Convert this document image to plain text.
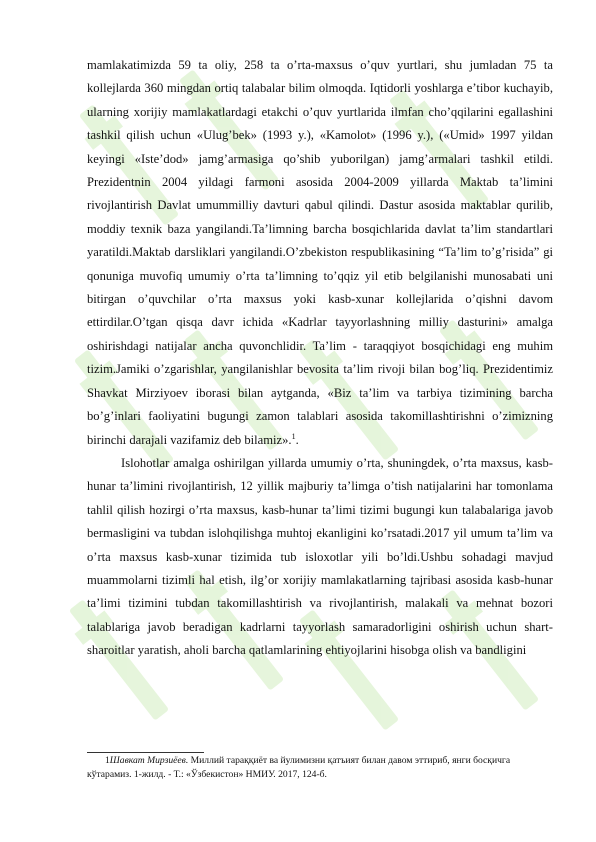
mamlakatimizda 59 ta oliy, 258 ta o’rta-maxsus o’quv yurtlari, shu jumladan 75 ta kollejlarda 360 mingdan ortiq talabalar bilim olmoqda. Iqtidorli yoshlarga e’tibor kuchayib, ularning xorijiy mamlakatlardagi etakchi o’quv yurtlarida ilmfan cho’qqilarini egallashini tashkil qilish uchun «Ulug’bek» (1993 y.), «Kamolot» (1996 y.), («Umid» 1997 yildan keyingi «Iste’dod» jamg’armasiga qo’shib yuborilgan) jamg’armalari tashkil etildi. Prezidentnin 2004 yildagi farmoni asosida 2004-2009 yillarda Maktab ta’limini rivojlantirish Davlat umummilliy davturi qabul qilindi. Dastur asosida maktablar qurilib, moddiy texnik baza yangilandi.Ta’limning barcha bosqichlarida davlat ta’lim standartlari yaratildi.Maktab darsliklari yangilandi.O’zbekiston respublikasining “Ta’lim to’g’risida” gi qonuniga muvofiq umumiy o’rta ta’limning to’qqiz yil etib belgilanishi munosabati uni bitirgan o’quvchilar o’rta maxsus yoki kasb-xunar kollejlarida o’qishni davom ettirdilar.O’tgan qisqa davr ichida «Kadrlar tayyorlashning milliy dasturini» amalga oshirishdagi natijalar ancha quvonchlidir. Ta’lim - taraqqiyot bosqichidagi eng muhim tizim.Jamiki o’zgarishlar, yangilanishlar bevosita ta’lim rivoji bilan bog’liq. Prezidentimiz Shavkat Mirziyoev iborasi bilan aytganda, «Biz ta’lim va tarbiya tizimining barcha bo’g’inlari faoliyatini bugungi zamon talablari asosida takomillashtirishni o’zimizning birinchi darajali vazifamiz deb bilamiz».$^1$.

Islohotlar amalga oshirilgan yillarda umumiy o’rta, shuningdek, o’rta maxsus, kasb-hunar ta’limini rivojlantirish, 12 yillik majburiy ta’limga o’tish natijalarini har tomonlama tahlil qilish hozirgi o’rta maxsus, kasb-hunar ta’limi tizimi bugungi kun talabalariga javob bermasligini va tubdan islohqilishga muhtoj ekanligini ko’rsatadi.2017 yil umum ta’lim va o’rta maxsus kasb-xunar tizimida tub isloxotlar yili bo’ldi.Ushbu sohadagi mavjud muammolarni tizimli hal etish, ilg’or xorijiy mamlakatlarning tajribasi asosida kasb-hunar ta’limi tizimini tubdan takomillashtirish va rivojlantirish, malakali va mehnat bozori talablariga javob beradigan kadrlarni tayyorlash samaradorligini oshirish uchun shart-sharoitlar yaratish, aholi barcha qatlamlarining ehtiyojlarini hisobga olish va bandligini

1Шавкат Мирзиёев. Миллий тараққиёт ва йулимизни қатъият билан давом эттириб, янги босқичга кўтарамиз. 1-жилд. - Т.: «Ўзбекистон» НМИУ. 2017, 124-б.
